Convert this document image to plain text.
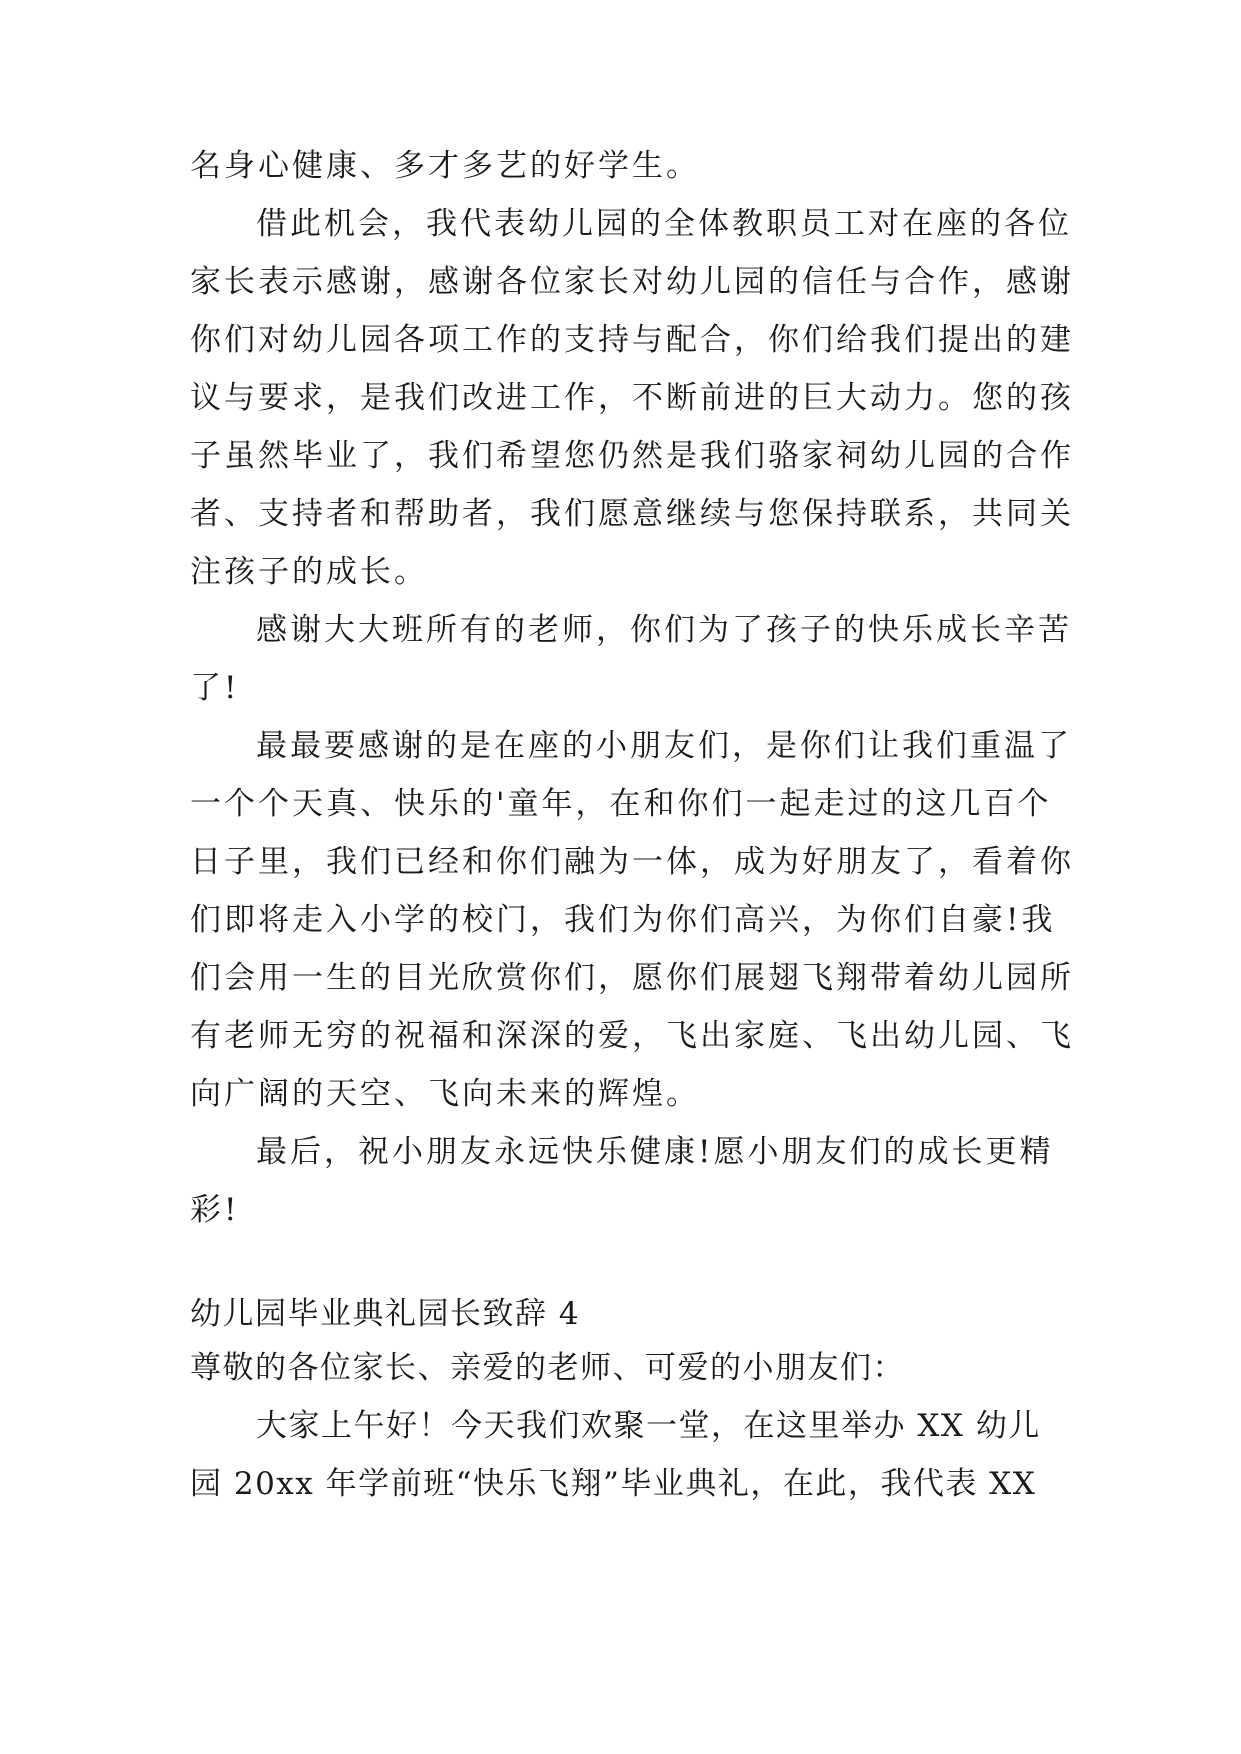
名身心健康、多才多艺的好学生。
借此机会，我代表幼儿园的全体教职员工对在座的各位
家长表示感谢，感谢各位家长对幼儿园的信任与合作，感谢
你们对幼儿园各项工作的支持与配合，你们给我们提出的建
议与要求，是我们改进工作，不断前进的巨大动力。您的孩
子虽然毕业了，我们希望您仍然是我们骆家祠幼儿园的合作
者、支持者和帮助者，我们愿意继续与您保持联系，共同关
注孩子的成长。
感谢大大班所有的老师，你们为了孩子的快乐成长辛苦
了!
最最要感谢的是在座的小朋友们，是你们让我们重温了
一个个天真、快乐的'童年，在和你们一起走过的这几百个
日子里，我们已经和你们融为一体，成为好朋友了，看着你
们即将走入小学的校门，我们为你们高兴，为你们自豪!我
们会用一生的目光欣赏你们，愿你们展翅飞翔带着幼儿园所
有老师无穷的祝福和深深的爱，飞出家庭、飞出幼儿园、飞
向广阔的天空、飞向未来的辉煌。
最后，祝小朋友永远快乐健康!愿小朋友们的成长更精
彩!
幼儿园毕业典礼园长致辞 4
尊敬的各位家长、亲爱的老师、可爱的小朋友们：
大家上午好！今天我们欢聚一堂，在这里举办 XX 幼儿
园 20xx 年学前班“快乐飞翔”毕业典礼，在此，我代表 XX
